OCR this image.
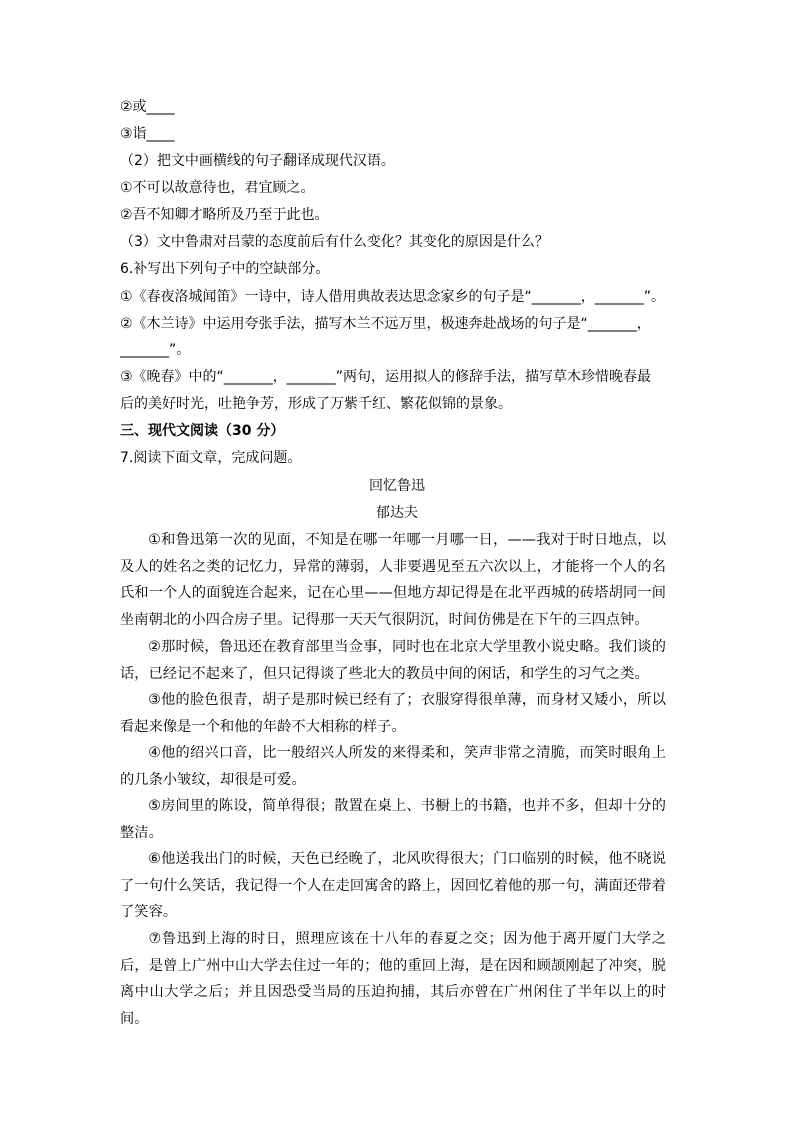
②或____
③诣____
（2）把文中画横线的句子翻译成现代汉语。
①不可以故意待也，君宜顾之。
②吾不知卿才略所及乃至于此也。
（3）文中鲁肃对吕蒙的态度前后有什么变化？其变化的原因是什么？
6.补写出下列句子中的空缺部分。
①《春夜洛城闻笛》一诗中，诗人借用典故表达思念家乡的句子是“_______，_______”。
②《木兰诗》中运用夸张手法，描写木兰不远万里，极速奔赴战场的句子是“_______，
_______”。
③《晚春》中的“_______，_______”两句，运用拟人的修辞手法，描写草木珍惜晚春最
后的美好时光，吐艳争芳，形成了万紫千红、繁花似锦的景象。
三、现代文阅读（30 分）
7.阅读下面文章，完成问题。
回忆鲁迅
郁达夫
①和鲁迅第一次的见面，不知是在哪一年哪一月哪一日，——我对于时日地点，以及人的姓名之类的记忆力，异常的薄弱，人非要遇见至五六次以上，才能将一个人的名氏和一个人的面貌连合起来，记在心里——但地方却记得是在北平西城的砖塔胡同一间坐南朝北的小四合房子里。记得那一天天气很阴沉，时间仿佛是在下午的三四点钟。
②那时候，鲁迅还在教育部里当佥事，同时也在北京大学里教小说史略。我们谈的话，已经记不起来了，但只记得谈了些北大的教员中间的闲话，和学生的习气之类。
③他的脸色很青，胡子是那时候已经有了；衣服穿得很单薄，而身材又矮小，所以看起来像是一个和他的年龄不大相称的样子。
④他的绍兴口音，比一般绍兴人所发的来得柔和，笑声非常之清脆，而笑时眼角上的几条小皱纹，却很是可爱。
⑤房间里的陈设，简单得很；散置在桌上、书橱上的书籍，也并不多，但却十分的整洁。
⑥他送我出门的时候，天色已经晚了，北风吹得很大；门口临别的时候，他不晓说了一句什么笑话，我记得一个人在走回寓舍的路上，因回忆着他的那一句，满面还带着了笑容。
⑦鲁迅到上海的时日，照理应该在十八年的春夏之交；因为他于离开厦门大学之后，是曾上广州中山大学去住过一年的；他的重回上海，是在因和顾颉刚起了冲突，脱离中山大学之后；并且因恐受当局的压迫拘捕，其后亦曾在广州闲住了半年以上的时间。
